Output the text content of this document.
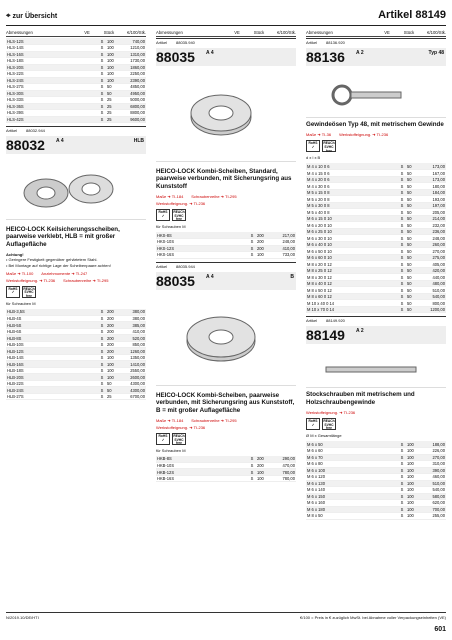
⌖ zur Übersicht	Artikel 88149
Abmessungen	VE	Stück	€/100/Stk.
HLS-12S	S	100	740,00
HLS-14S	S	100	1210,00
HLS-16S	S	100	1310,00
HLS-18S	S	100	1730,00
HLS-20S	S	100	1860,00
HLS-22S	S	100	2250,00
HLS-24S	S	100	2390,00
HLS-27S	S	50	4850,00
HLS-30S	S	50	4950,00
HLS-33S	S	25	5000,00
HLS-36S	S	25	6800,00
HLS-39S	S	25	8800,00
HLS-42S	S	25	9600,00
Artikel 88032.944
88032 A 4	HLB
HEICO-LOCK Keilsicherungsscheiben, paarweise verklebt, HLB = mit großer Auflagefläche
Achtung!
• Geringere Festigkeit gegenüber gehärtetem Stahl.
• Bei Montage auf richtige Lage der Scheibenpaare achten!
Maße ➜ TI-100 Anziehmomente ➜ TI-247
Werkstoffeignung. ➜ TI-236 Schraubenreihe ➜ TI-295
RoHS ✓
REACh SVHC free
für Schrauben M
HLB-3,5S	S	200	380,00
HLB-4S	S	200	380,00
HLB-5S	S	200	385,00
HLB-6S	S	200	410,00
HLB-8S	S	200	520,00
HLB-10S	S	200	850,00
HLB-12S	S	200	1260,00
HLB-14S	S	100	1350,00
HLB-16S	S	100	1410,00
HLB-18S	S	100	2550,00
HLB-20S	S	100	2600,00
HLB-22S	S	50	4300,00
HLB-24S	S	50	4300,00
HLB-27S	S	25	6700,00
Abmessungen	VE	Stück	€/100/Stk.
Artikel 88035.940
88035 A 4
HEICO-LOCK Kombi-Scheiben, Standard, paarweise verbunden, mit Sicherungsring aus Kunststoff
Maße ➜ TI-184 Schraubenreihe ➜ TI-295
Werkstoffeignung. ➜ TI-236
RoHS ✓
REACh SVHC free
für Schrauben M
HKS-8S	S	200	217,00
HKS-10S	S	200	248,00
HKS-12S	S	200	410,00
HKS-16S	S	100	733,00
Artikel 88035.944
88035 A 4	B
HEICO-LOCK Kombi-Scheiben, paarweise verbunden, mit Sicherungsring aus Kunststoff, B = mit großer Auflagefläche
Maße ➜ TI-184 Schraubenreihe ➜ TI-295
Werkstoffeignung. ➜ TI-236
RoHS ✓
REACh SVHC free
für Schrauben M
HKB-8S	S	200	290,00
HKB-10S	S	200	470,00
HKB-12S	S	100	780,00
HKB-16S	S	100	780,00
Abmessungen	VE	Stück	€/100/Stk.
Artikel 88136.920
88136 A 2	Typ 48
Gewindeösen Typ 48, mit metrischem Gewinde
Maße ➜ TI-36 Werkstoffeignung. ➜ TI-236
RoHS ✓
REACh SVHC free
d x l x B
M 4 x 10 0 6	S	50	173,00
M 4 x 15 0 6	S	50	167,00
M 4 x 20 0 6	S	50	173,00
M 4 x 30 0 6	S	50	180,00
M 5 x 15 0 8	S	50	184,00
M 5 x 20 0 8	S	50	193,00
M 5 x 30 0 8	S	50	197,00
M 5 x 40 0 8	S	50	205,00
M 6 x 15 0 10	S	50	214,00
M 6 x 20 0 10	S	50	232,00
M 6 x 25 0 10	S	50	236,00
M 6 x 30 0 10	S	50	248,00
M 6 x 40 0 10	S	50	260,00
M 6 x 50 0 10	S	50	270,00
M 6 x 60 0 10	S	50	275,00
M 8 x 20 0 12	S	50	405,00
M 8 x 25 0 12	S	50	420,00
M 8 x 30 0 12	S	50	440,00
M 8 x 40 0 12	S	50	480,00
M 8 x 50 0 12	S	50	510,00
M 8 x 60 0 12	S	50	540,00
M 10 x 40 0 14	S	50	800,00
M 10 x 70 0 14	S	50	1200,00
Artikel 88149.920
88149 A 2
Stockschrauben mit metrischem und Holzschraubengewinde
Werkstoffeignung. ➜ TI-236
RoHS ✓
REACh SVHC free
Ø M x Gesamtlänge
M 6 x 50	S	100	188,00
M 6 x 60	S	100	226,00
M 6 x 70	S	100	270,00
M 6 x 80	S	100	310,00
M 6 x 100	S	100	390,00
M 6 x 120	S	100	460,00
M 6 x 130	S	100	510,00
M 6 x 140	S	100	540,00
M 6 x 150	S	100	580,00
M 6 x 160	S	100	620,00
M 6 x 180	S	100	700,00
M 8 x 50	S	100	255,00
N/2019.10/DE/HTI	€/100 = Preis in € zuzüglich MwSt. bei Abnahme voller Verpackungseinheiten (VE)
601
